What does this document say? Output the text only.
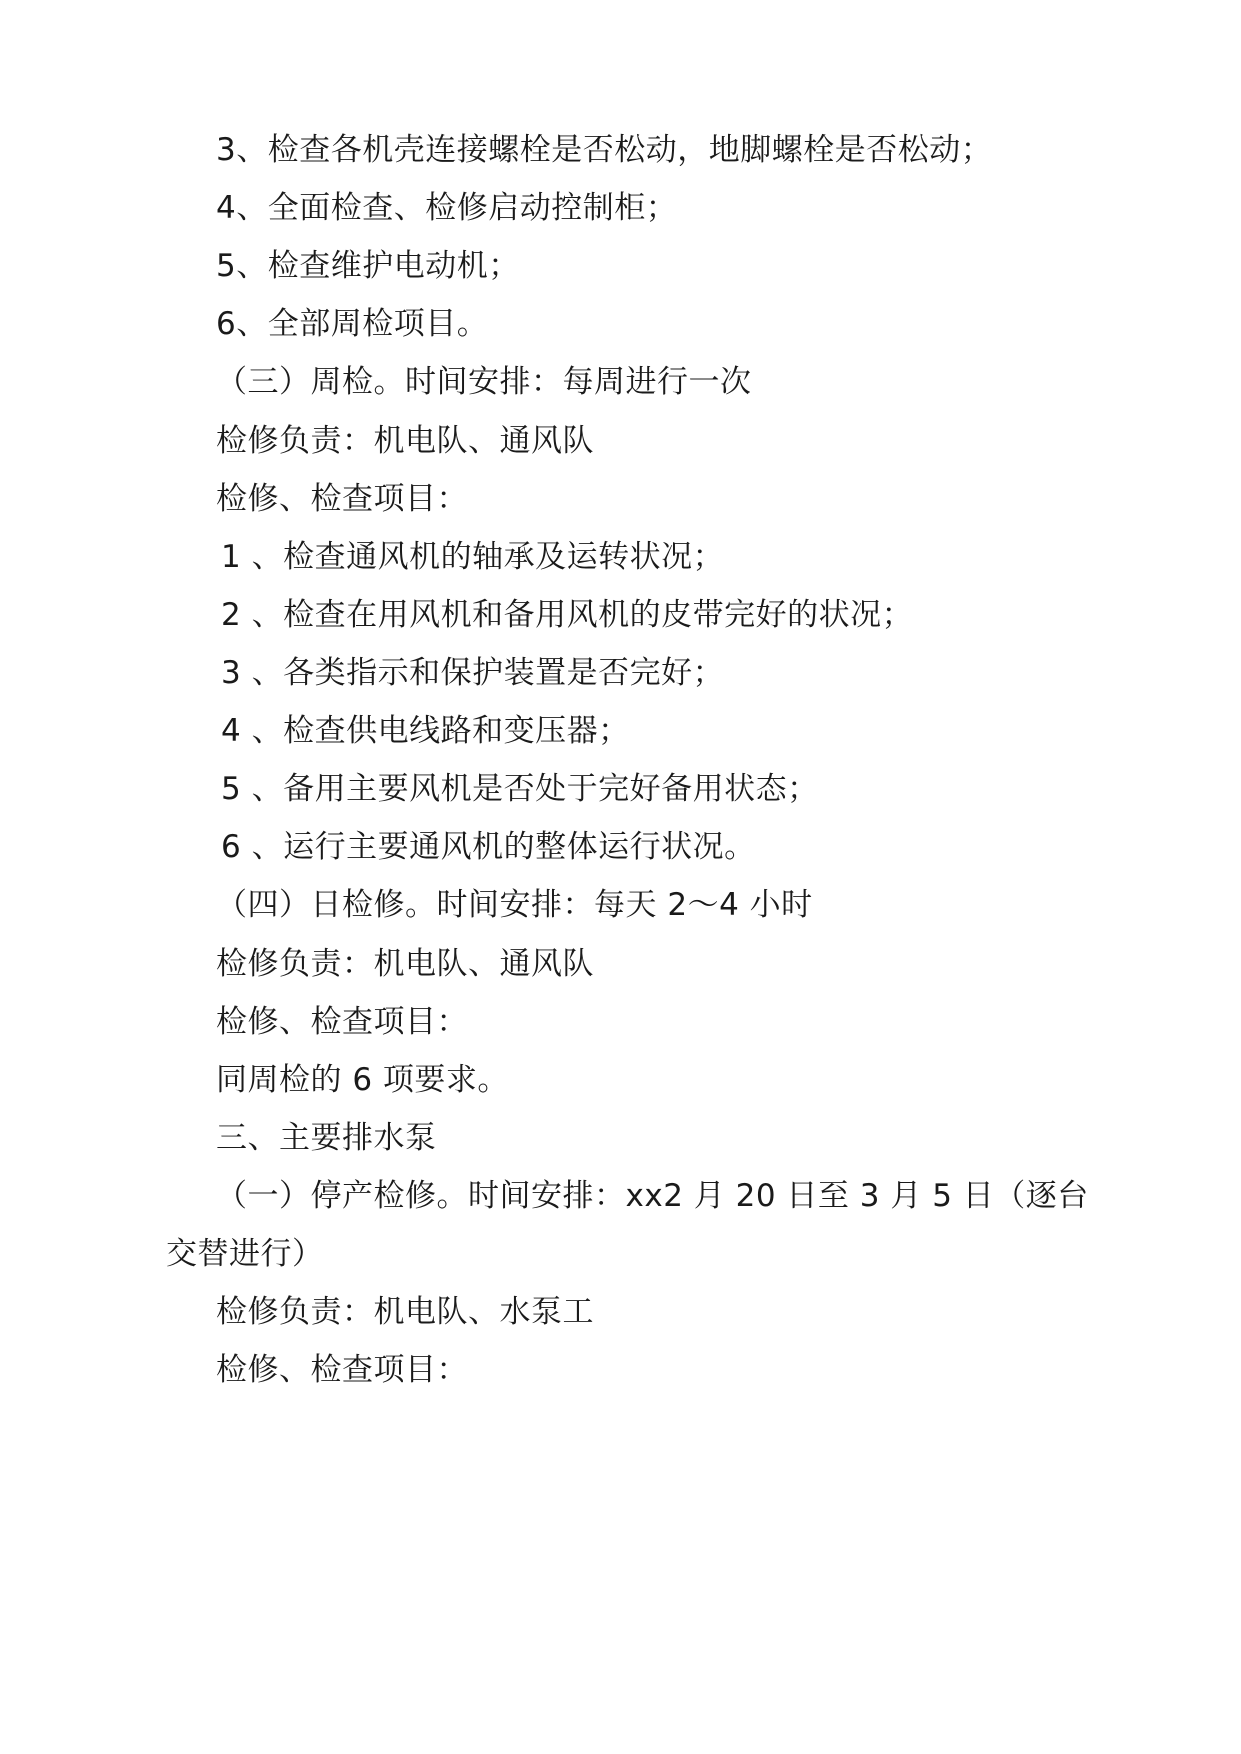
3、检查各机壳连接螺栓是否松动，地脚螺栓是否松动；
4、全面检查、检修启动控制柜；
5、检查维护电动机；
6、全部周检项目。
（三）周检。时间安排：每周进行一次
检修负责：机电队、通风队
检修、检查项目：
1 、检查通风机的轴承及运转状况；
2 、检查在用风机和备用风机的皮带完好的状况；
3 、各类指示和保护装置是否完好；
4 、检查供电线路和变压器；
5 、备用主要风机是否处于完好备用状态；
6 、运行主要通风机的整体运行状况。
（四）日检修。时间安排：每天 2～4 小时
检修负责：机电队、通风队
检修、检查项目：
同周检的 6 项要求。
三、主要排水泵
（一）停产检修。时间安排：xx2 月 20 日至 3 月 5 日（逐台
交替进行）
检修负责：机电队、水泵工
检修、检查项目：
